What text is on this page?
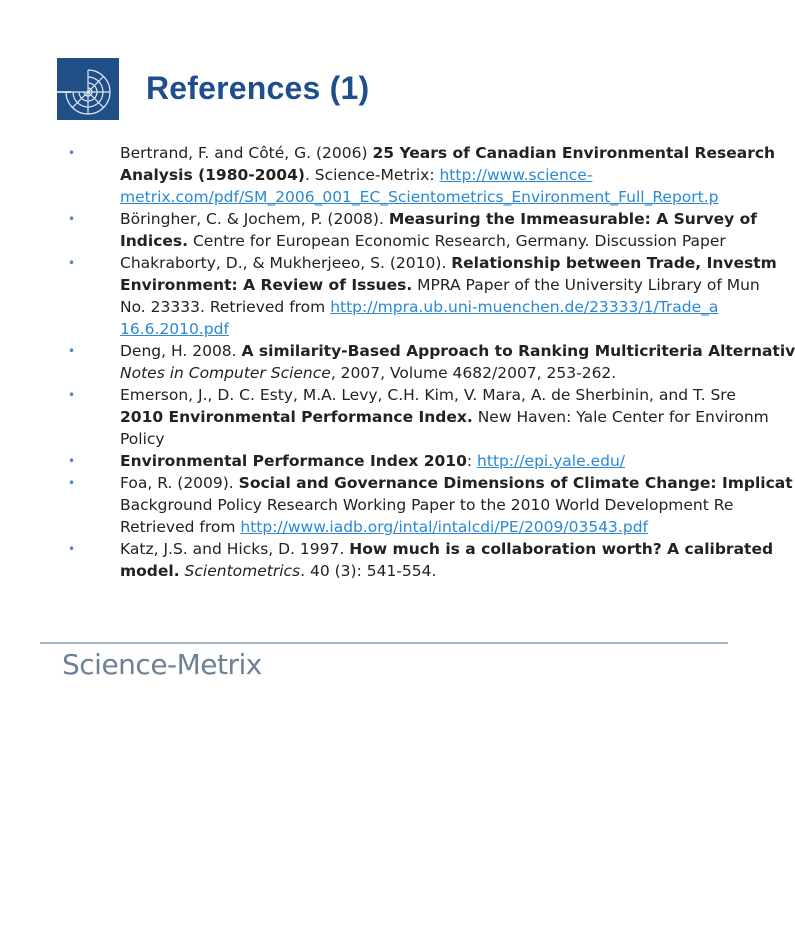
References (1)
•	Bertrand, F. and Côté, G. (2006) 25 Years of Canadian Environmental Research
Analysis (1980-2004). Science-Metrix: http://www.science-
metrix.com/pdf/SM_2006_001_EC_Scientometrics_Environment_Full_Report.p
•	Böringher, C. & Jochem, P. (2008). Measuring the Immeasurable: A Survey of
Indices. Centre for European Economic Research, Germany. Discussion Paper
•	Chakraborty, D., & Mukherjeeo, S. (2010). Relationship between Trade, Investm
Environment: A Review of Issues. MPRA Paper of the University Library of Mun
No. 23333. Retrieved from http://mpra.ub.uni-muenchen.de/23333/1/Trade_a
16.6.2010.pdf
•	Deng, H. 2008. A similarity-Based Approach to Ranking Multicriteria Alternativ
Notes in Computer Science, 2007, Volume 4682/2007, 253-262.
•	Emerson, J., D. C. Esty, M.A. Levy, C.H. Kim, V. Mara, A. de Sherbinin, and T. Sre
2010 Environmental Performance Index. New Haven: Yale Center for Environm
Policy
•	Environmental Performance Index 2010: http://epi.yale.edu/
•	Foa, R. (2009). Social and Governance Dimensions of Climate Change: Implicat
Background Policy Research Working Paper to the 2010 World Development Re
Retrieved from http://www.iadb.org/intal/intalcdi/PE/2009/03543.pdf
•	Katz, J.S. and Hicks, D. 1997. How much is a collaboration worth? A calibrated
model. Scientometrics. 40 (3): 541-554.
Science-Metrix
